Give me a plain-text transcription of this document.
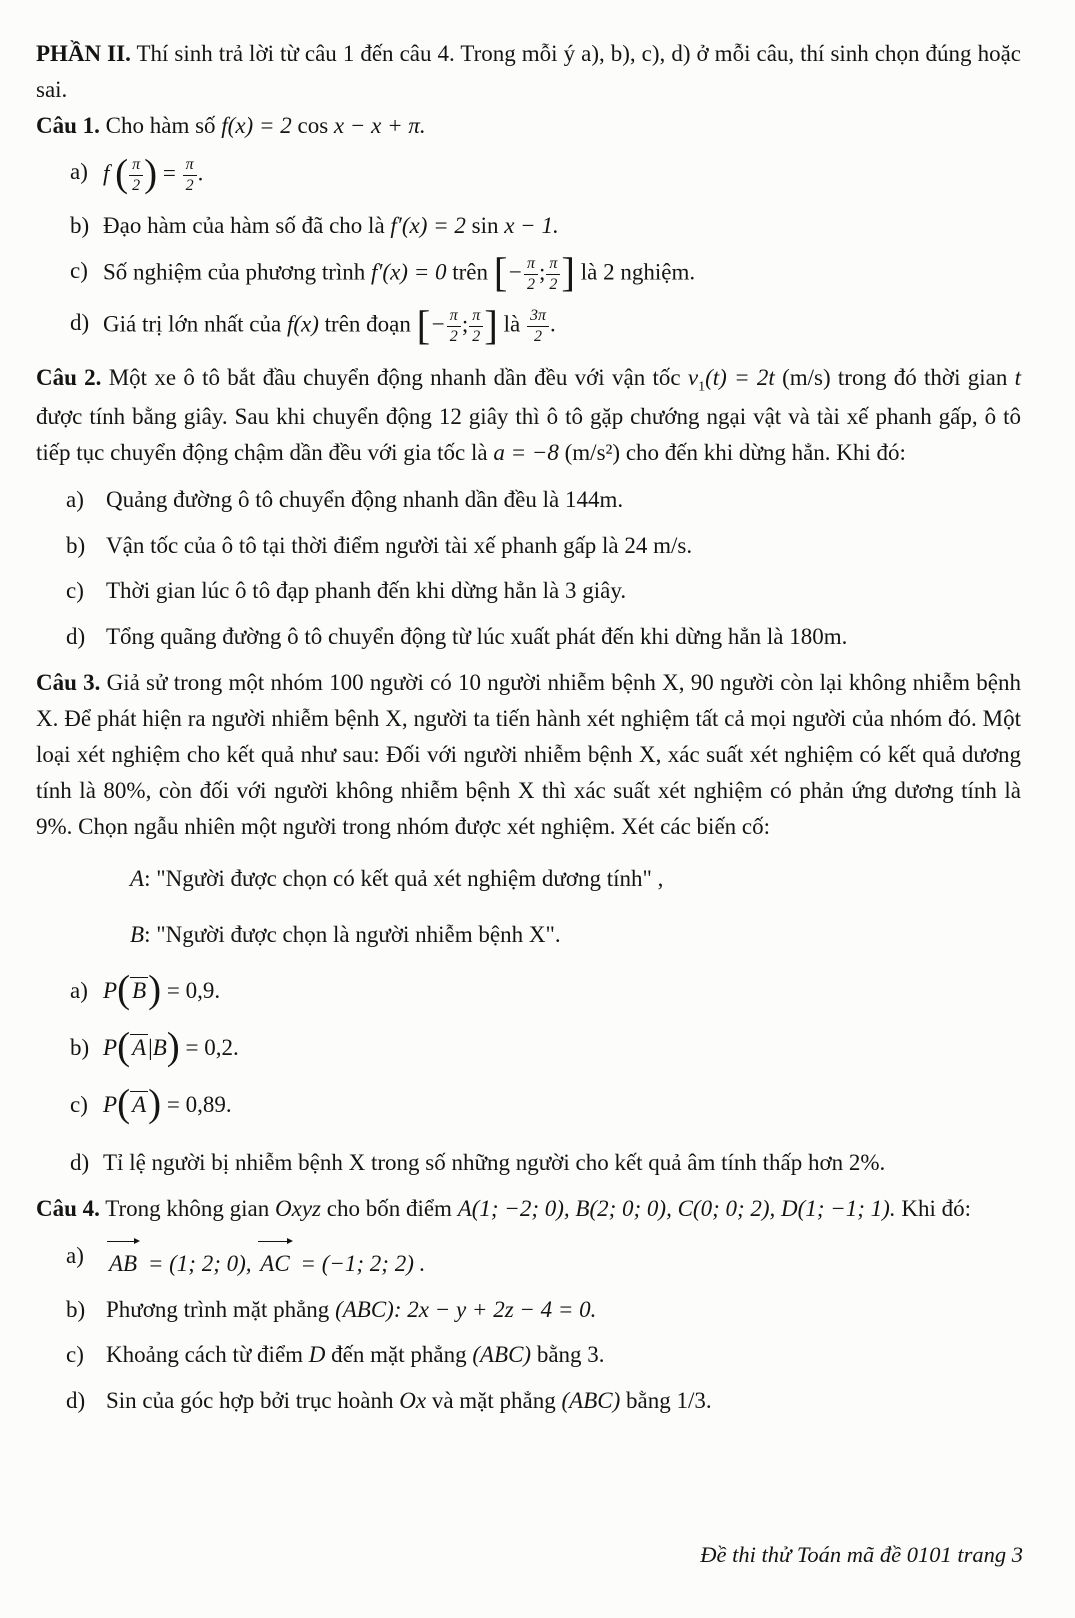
PHẦN II. Thí sinh trả lời từ câu 1 đến câu 4. Trong mỗi ý a), b), c), d) ở mỗi câu, thí sinh chọn đúng hoặc sai.

Câu 1. Cho hàm số f(x) = 2 cos x − x + π.

a) f ( $\frac{\pi}{2}$ ) = $\frac{\pi}{2}$ .
b) Đạo hàm của hàm số đã cho là f′(x) = 2 sin x − 1.
c) Số nghiệm của phương trình f′(x) = 0 trên [− $\frac{\pi}{2}$ ; $\frac{\pi}{2}$ ] là 2 nghiệm.
d) Giá trị lớn nhất của f(x) trên đoạn [− $\frac{\pi}{2}$ ; $\frac{\pi}{2}$ ] là $\frac{3\pi}{2}$ .

Câu 2. Một xe ô tô bắt đầu chuyển động nhanh dần đều với vận tốc $v_1(t) = 2t$ (m/s) trong đó thời gian t được tính bằng giây. Sau khi chuyển động 12 giây thì ô tô gặp chướng ngại vật và tài xế phanh gấp, ô tô tiếp tục chuyển động chậm dần đều với gia tốc là a = −8 (m/s²) cho đến khi dừng hẳn. Khi đó:

a) Quảng đường ô tô chuyển động nhanh dần đều là 144m.
b) Vận tốc của ô tô tại thời điểm người tài xế phanh gấp là 24 m/s.
c) Thời gian lúc ô tô đạp phanh đến khi dừng hẳn là 3 giây.
d) Tổng quãng đường ô tô chuyển động từ lúc xuất phát đến khi dừng hẳn là 180m.

Câu 3. Giả sử trong một nhóm 100 người có 10 người nhiễm bệnh X, 90 người còn lại không nhiễm bệnh X. Để phát hiện ra người nhiễm bệnh X, người ta tiến hành xét nghiệm tất cả mọi người của nhóm đó. Một loại xét nghiệm cho kết quả như sau: Đối với người nhiễm bệnh X, xác suất xét nghiệm có kết quả dương tính là 80%, còn đối với người không nhiễm bệnh X thì xác suất xét nghiệm có phản ứng dương tính là 9%. Chọn ngẫu nhiên một người trong nhóm được xét nghiệm. Xét các biến cố:

A: "Người được chọn có kết quả xét nghiệm dương tính" ,
B: "Người được chọn là người nhiễm bệnh X".
a) P(B) = 0,9.
b) P(A|B) = 0,2.
c) P(A) = 0,89.
d) Tỉ lệ người bị nhiễm bệnh X trong số những người cho kết quả âm tính thấp hơn 2%.

Câu 4. Trong không gian Oxyz cho bốn điểm A(1; −2; 0), B(2; 0; 0), C(0; 0; 2), D(1; −1; 1). Khi đó:

a)	AB = (1; 2; 0), AC = (−1; 2; 2) .
b) Phương trình mặt phẳng (ABC): 2x − y + 2z − 4 = 0.
c) Khoảng cách từ điểm D đến mặt phẳng (ABC) bằng 3.
d) Sin của góc hợp bởi trục hoành Ox và mặt phẳng (ABC) bằng 1/3.
Đề thi thử Toán mã đề 0101 trang 3
